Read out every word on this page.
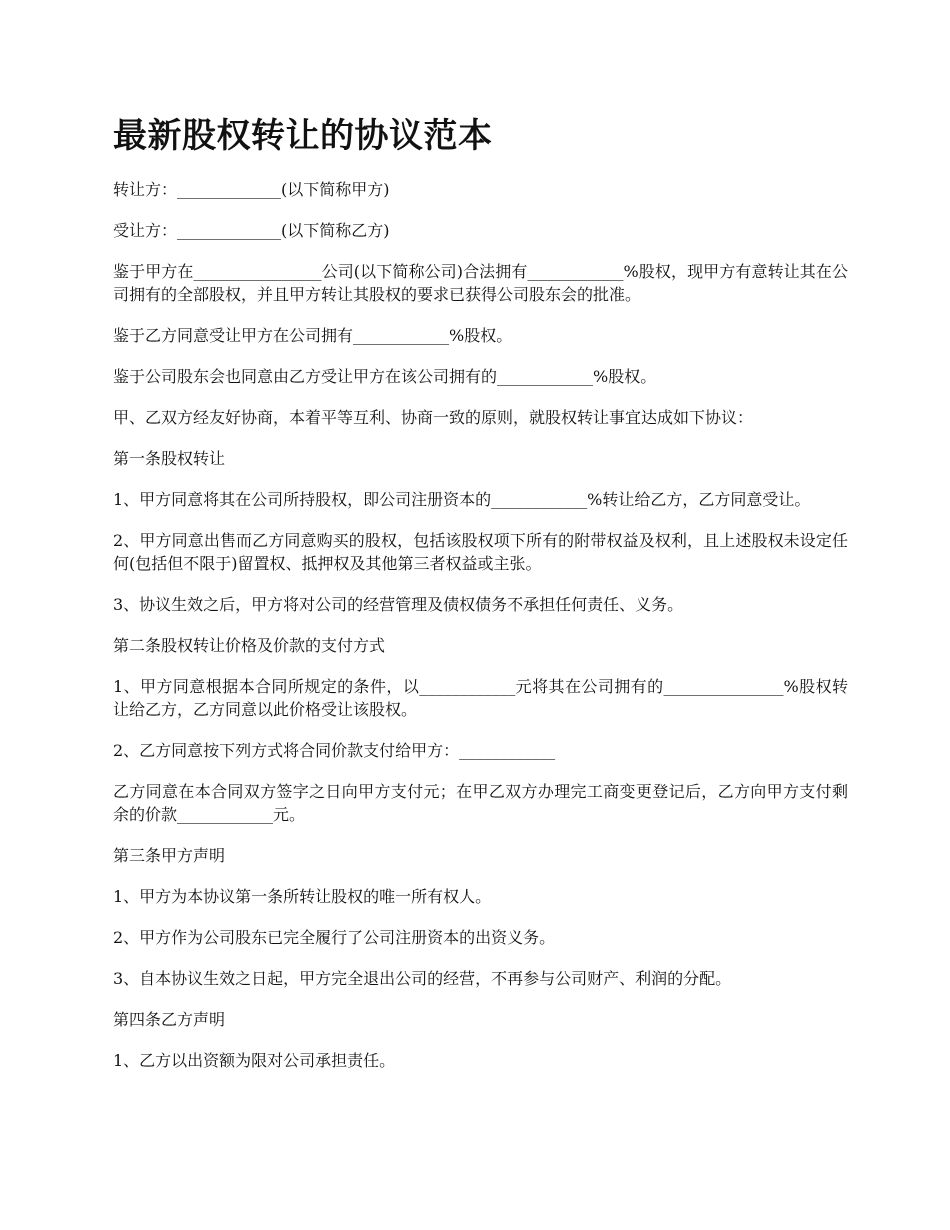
最新股权转让的协议范本

转让方：_____________(以下简称甲方)

受让方：_____________(以下简称乙方)

鉴于甲方在________________公司(以下简称公司)合法拥有____________%股权，现甲方有意转让其在公司拥有的全部股权，并且甲方转让其股权的要求已获得公司股东会的批准。

鉴于乙方同意受让甲方在公司拥有____________%股权。

鉴于公司股东会也同意由乙方受让甲方在该公司拥有的____________%股权。

甲、乙双方经友好协商，本着平等互利、协商一致的原则，就股权转让事宜达成如下协议：

第一条股权转让

1、甲方同意将其在公司所持股权，即公司注册资本的____________%转让给乙方，乙方同意受让。

2、甲方同意出售而乙方同意购买的股权，包括该股权项下所有的附带权益及权利，且上述股权未设定任何(包括但不限于)留置权、抵押权及其他第三者权益或主张。

3、协议生效之后，甲方将对公司的经营管理及债权债务不承担任何责任、义务。

第二条股权转让价格及价款的支付方式

1、甲方同意根据本合同所规定的条件，以____________元将其在公司拥有的_______________%股权转让给乙方，乙方同意以此价格受让该股权。

2、乙方同意按下列方式将合同价款支付给甲方：____________

乙方同意在本合同双方签字之日向甲方支付元；在甲乙双方办理完工商变更登记后，乙方向甲方支付剩余的价款____________元。

第三条甲方声明

1、甲方为本协议第一条所转让股权的唯一所有权人。

2、甲方作为公司股东已完全履行了公司注册资本的出资义务。

3、自本协议生效之日起，甲方完全退出公司的经营，不再参与公司财产、利润的分配。

第四条乙方声明

1、乙方以出资额为限对公司承担责任。
